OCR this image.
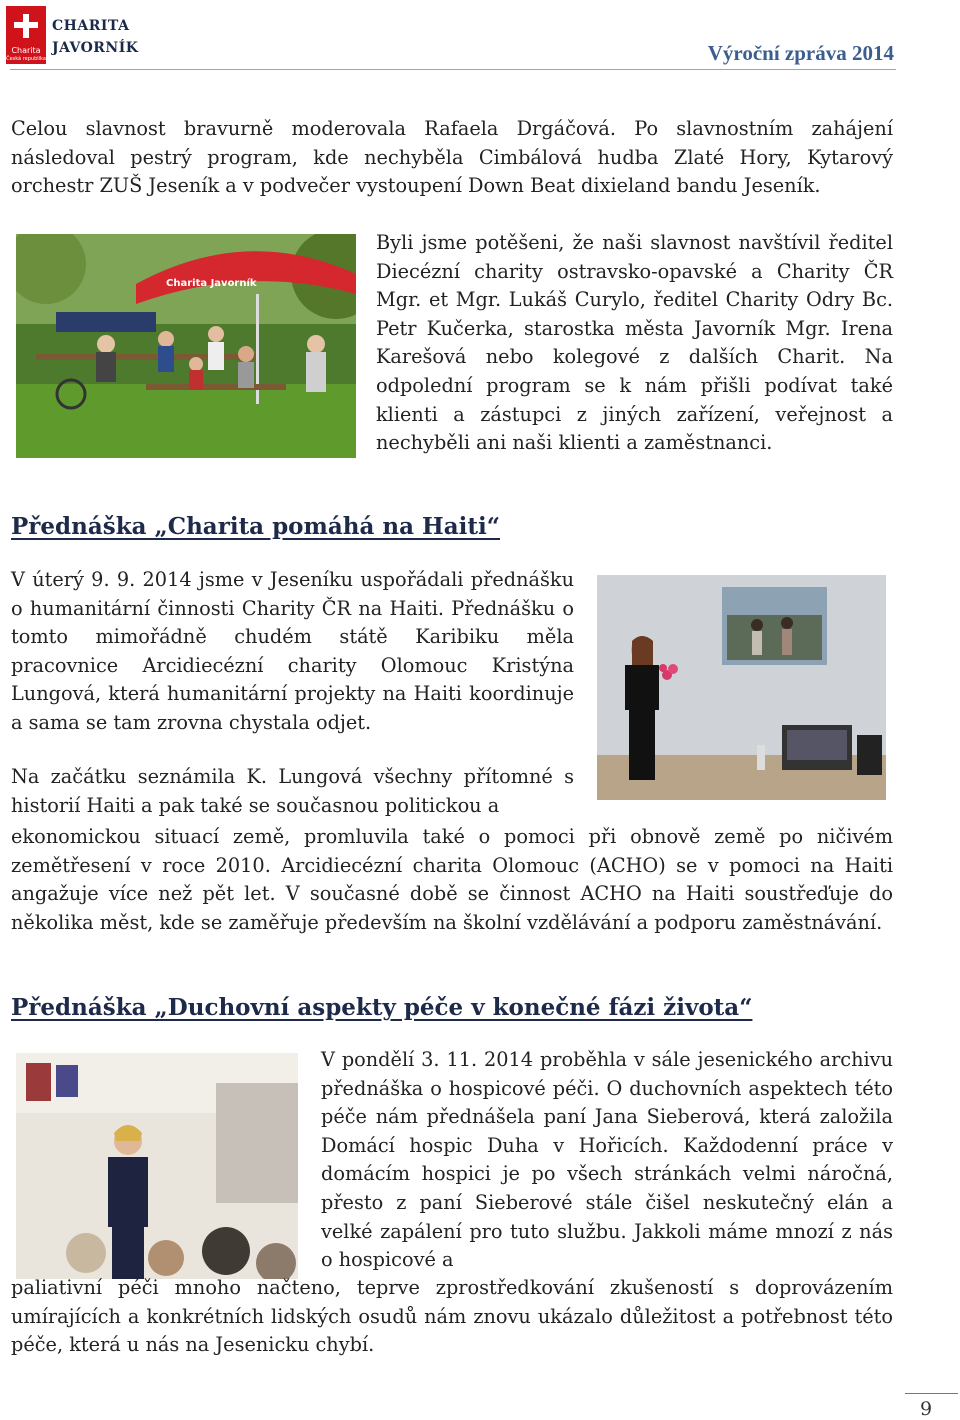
Charita
Česká republika
CHARITA
JAVORNÍK	Výroční zpráva 2014

Celou slavnost bravurně moderovala Rafaela Drgáčová. Po slavnostním zahájení následoval pestrý program, kde nechyběla Cimbálová hudba Zlaté Hory, Kytarový orchestr ZUŠ Jeseník a v podvečer vystoupení Down Beat dixieland bandu Jeseník.

Charita Javorník

Byli jsme potěšeni, že naši slavnost navštívil ředitel Diecézní charity ostravsko-opavské a Charity ČR Mgr. et Mgr. Lukáš Curylo, ředitel Charity Odry Bc. Petr Kučerka, starostka města Javorník Mgr. Irena Karešová nebo kolegové z dalších Charit. Na odpolední program se k nám přišli podívat také klienti a zástupci z jiných zařízení, veřejnost a nechyběli ani naši klienti a zaměstnanci.

Přednáška „Charita pomáhá na Haiti“

V úterý 9. 9. 2014 jsme v Jeseníku uspořádali přednášku o humanitární činnosti Charity ČR na Haiti. Přednášku o tomto mimořádně chudém státě Karibiku měla pracovnice Arcidiecézní charity Olomouc Kristýna Lungová, která humanitární projekty na Haiti koordinuje a sama se tam zrovna chystala odjet.

Na začátku seznámila K. Lungová všechny přítomné s historií Haiti a pak také se současnou politickou a

ekonomickou situací země, promluvila také o pomoci při obnově země po ničivém zemětřesení v roce 2010. Arcidiecézní charita Olomouc (ACHO) se v pomoci na Haiti angažuje více než pět let. V současné době se činnost ACHO na Haiti soustřeďuje do několika měst, kde se zaměřuje především na školní vzdělávání a podporu zaměstnávání.

Přednáška „Duchovní aspekty péče v konečné fázi života“

V pondělí 3. 11. 2014 proběhla v sále jesenického archivu přednáška o hospicové péči. O duchovních aspektech této péče nám přednášela paní Jana Sieberová, která založila Domácí hospic Duha v Hořicích. Každodenní práce v domácím hospici je po všech stránkách velmi náročná, přesto z paní Sieberové stále čišel neskutečný elán a velké zapálení pro tuto službu. Jakkoli máme mnozí z nás o hospicové a

paliativní péči mnoho načteno, teprve zprostředkování zkušeností s doprovázením umírajících a konkrétních lidských osudů nám znovu ukázalo důležitost a potřebnost této péče, která u nás na Jesenicku chybí.

9
